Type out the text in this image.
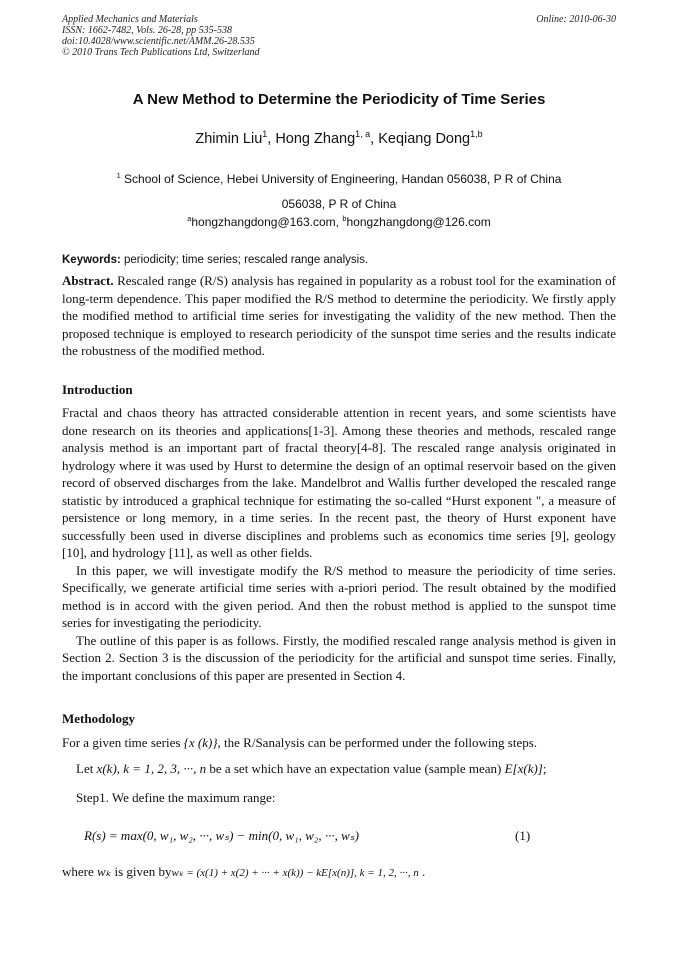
Applied Mechanics and Materials
ISSN: 1662-7482, Vols. 26-28, pp 535-538
doi:10.4028/www.scientific.net/AMM.26-28.535
© 2010 Trans Tech Publications Ltd, Switzerland
Online: 2010-06-30
A New Method to Determine the Periodicity of Time Series
Zhimin Liu$^1$, Hong Zhang$^{1, a}$, Keqiang Dong$^{1,b}$
$^1$ School of Science, Hebei University of Engineering, Handan 056038, P R of China
056038, P R of China
$^a$hongzhangdong@163.com, $^b$hongzhangdong@126.com
Keywords: periodicity; time series; rescaled range analysis.
Abstract. Rescaled range (R/S) analysis has regained in popularity as a robust tool for the examination of long-term dependence. This paper modified the R/S method to determine the periodicity. We firstly apply the modified method to artificial time series for investigating the validity of the new method. Then the proposed technique is employed to research periodicity of the sunspot time series and the results indicate the robustness of the modified method.
Introduction

Fractal and chaos theory has attracted considerable attention in recent years, and some scientists have done research on its theories and applications[1-3]. Among these theories and methods, rescaled range analysis method is an important part of fractal theory[4-8]. The rescaled range analysis originated in hydrology where it was used by Hurst to determine the design of an optimal reservoir based on the given record of observed discharges from the lake. Mandelbrot and Wallis further developed the rescaled range statistic by introduced a graphical technique for estimating the so-called “Hurst exponent ", a measure of persistence or long memory, in a time series. In the recent past, the theory of Hurst exponent have successfully been used in diverse disciplines and problems such as economics time series [9], geology [10], and hydrology [11], as well as other fields.

In this paper, we will investigate modify the R/S method to measure the periodicity of time series. Specifically, we generate artificial time series with a-priori period. The result obtained by the modified method is in accord with the given period. And then the robust method is applied to the sunspot time series for investigating the periodicity.

The outline of this paper is as follows. Firstly, the modified rescaled range analysis method is given in Section 2. Section 3 is the discussion of the periodicity for the artificial and sunspot time series. Finally, the important conclusions of this paper are presented in Section 4.

Methodology
For a given time series {x (k)}, the R/Sanalysis can be performed under the following steps.
Let x(k), k = 1, 2, 3, ···, n be a set which have an expectation value (sample mean) E[x(k)];
Step1. We define the maximum range:
R(s) = max(0, w₁, w₂, ···, wₛ) − min(0, w₁, w₂, ···, wₛ)	(1)
where wₖ is given bywₖ = (x(1) + x(2) + ··· + x(k)) − kE[x(n)], k = 1, 2, ···, n .
